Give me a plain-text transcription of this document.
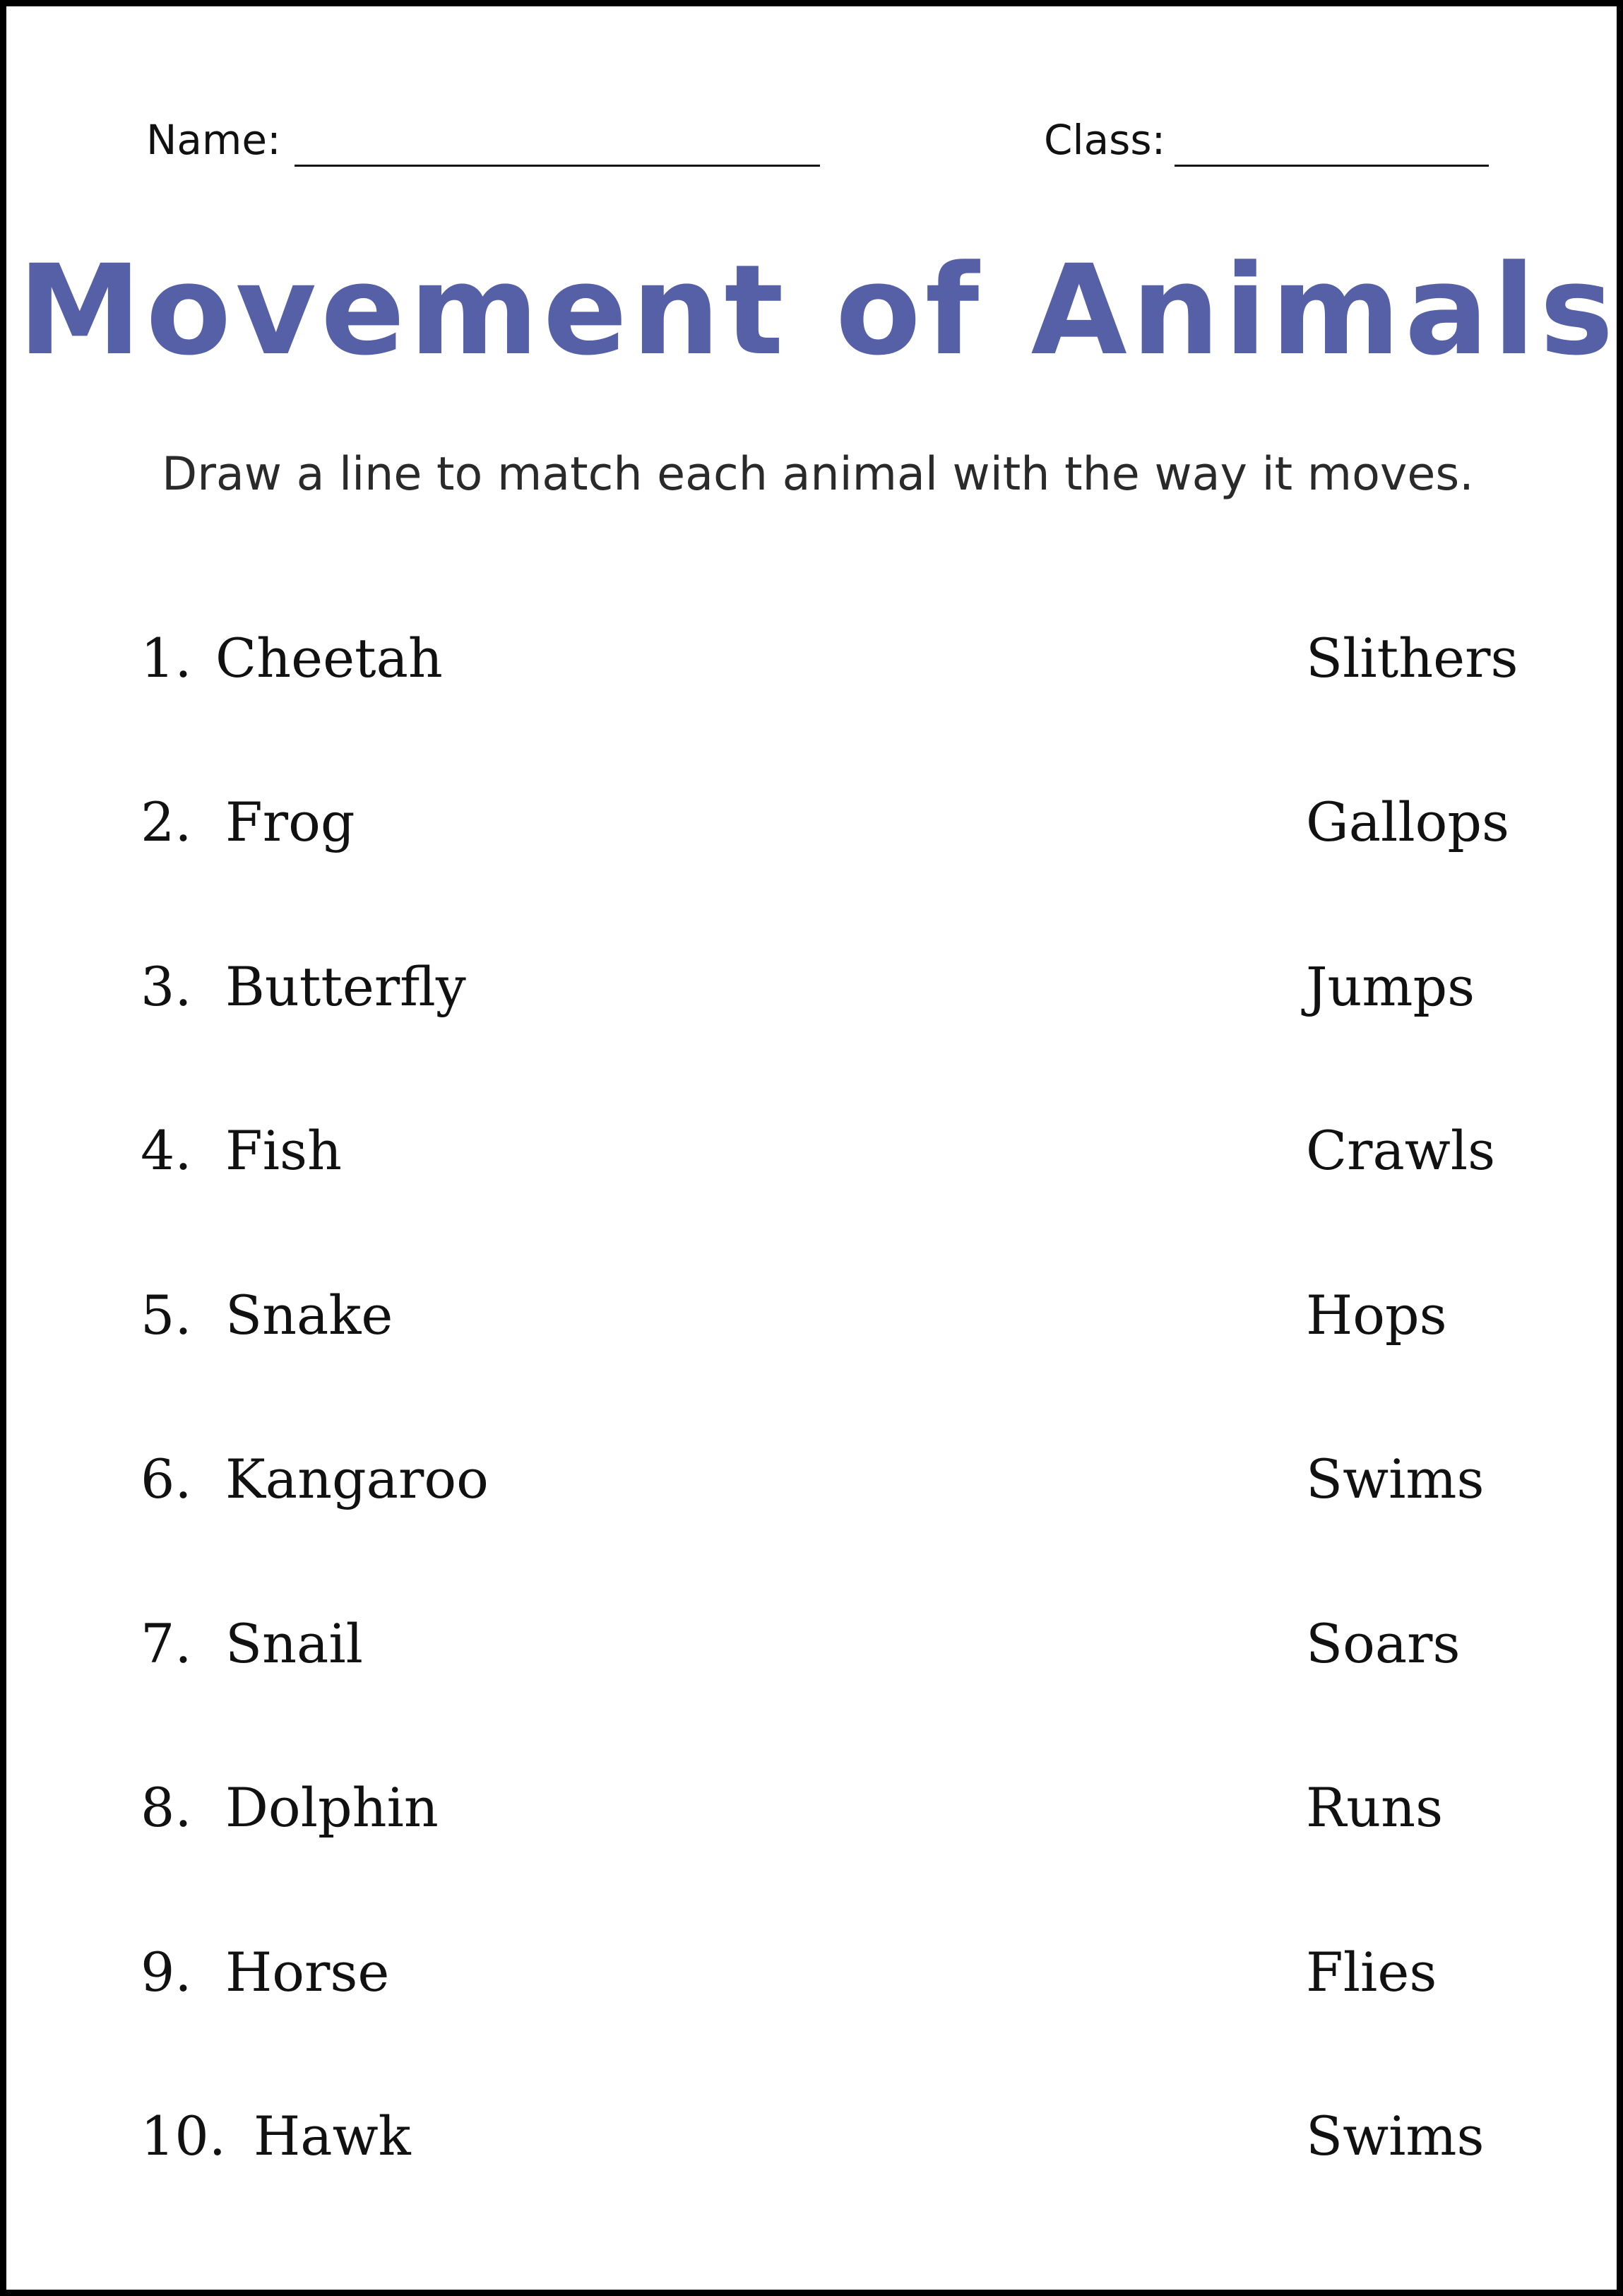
Name:	Class:
Movement of Animals
Draw a line to match each animal with the way it moves.
1. Cheetah	Slithers
2. Frog	Gallops
3. Butterfly	Jumps
4. Fish	Crawls
5. Snake	Hops
6. Kangaroo	Swims
7. Snail	Soars
8. Dolphin	Runs
9. Horse	Flies
10. Hawk	Swims
